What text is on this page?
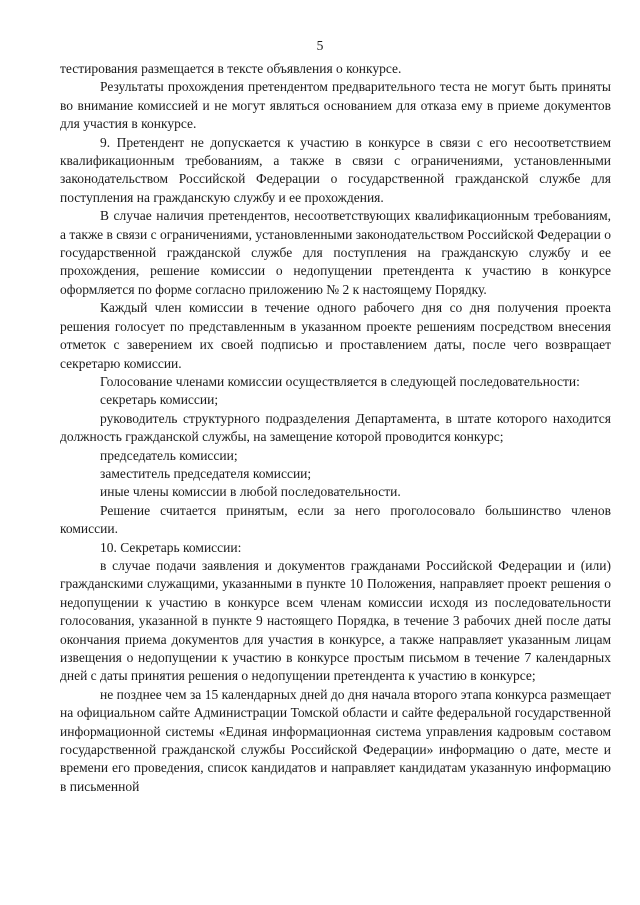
5

тестирования размещается в тексте объявления о конкурсе.

Результаты прохождения претендентом предварительного теста не могут быть приняты во внимание комиссией и не могут являться основанием для отказа ему в приеме документов для участия в конкурсе.

9. Претендент не допускается к участию в конкурсе в связи с его несоответствием квалификационным требованиям, а также в связи с ограничениями, установленными законодательством Российской Федерации о государственной гражданской службе для поступления на гражданскую службу и ее прохождения.

В случае наличия претендентов, несоответствующих квалификационным требованиям, а также в связи с ограничениями, установленными законодательством Российской Федерации о государственной гражданской службе для поступления на гражданскую службу и ее прохождения, решение комиссии о недопущении претендента к участию в конкурсе оформляется по форме согласно приложению № 2 к настоящему Порядку.

Каждый член комиссии в течение одного рабочего дня со дня получения проекта решения голосует по представленным в указанном проекте решениям посредством внесения отметок с заверением их своей подписью и проставлением даты, после чего возвращает секретарю комиссии.

Голосование членами комиссии осуществляется в следующей последовательности:

секретарь комиссии;

руководитель структурного подразделения Департамента, в штате которого находится должность гражданской службы, на замещение которой проводится конкурс;

председатель комиссии;

заместитель председателя комиссии;

иные члены комиссии в любой последовательности.

Решение считается принятым, если за него проголосовало большинство членов комиссии.

10. Секретарь комиссии:

в случае подачи заявления и документов гражданами Российской Федерации и (или) гражданскими служащими, указанными в пункте 10 Положения, направляет проект решения о недопущении к участию в конкурсе всем членам комиссии исходя из последовательности голосования, указанной в пункте 9 настоящего Порядка, в течение 3 рабочих дней после даты окончания приема документов для участия в конкурсе, а также направляет указанным лицам извещения о недопущении к участию в конкурсе простым письмом в течение 7 календарных дней с даты принятия решения о недопущении претендента к участию в конкурсе;

не позднее чем за 15 календарных дней до дня начала второго этапа конкурса размещает на официальном сайте Администрации Томской области и сайте федеральной государственной информационной системы «Единая информационная система управления кадровым составом государственной гражданской службы Российской Федерации» информацию о дате, месте и времени его проведения, список кандидатов и направляет кандидатам указанную информацию в письменной
